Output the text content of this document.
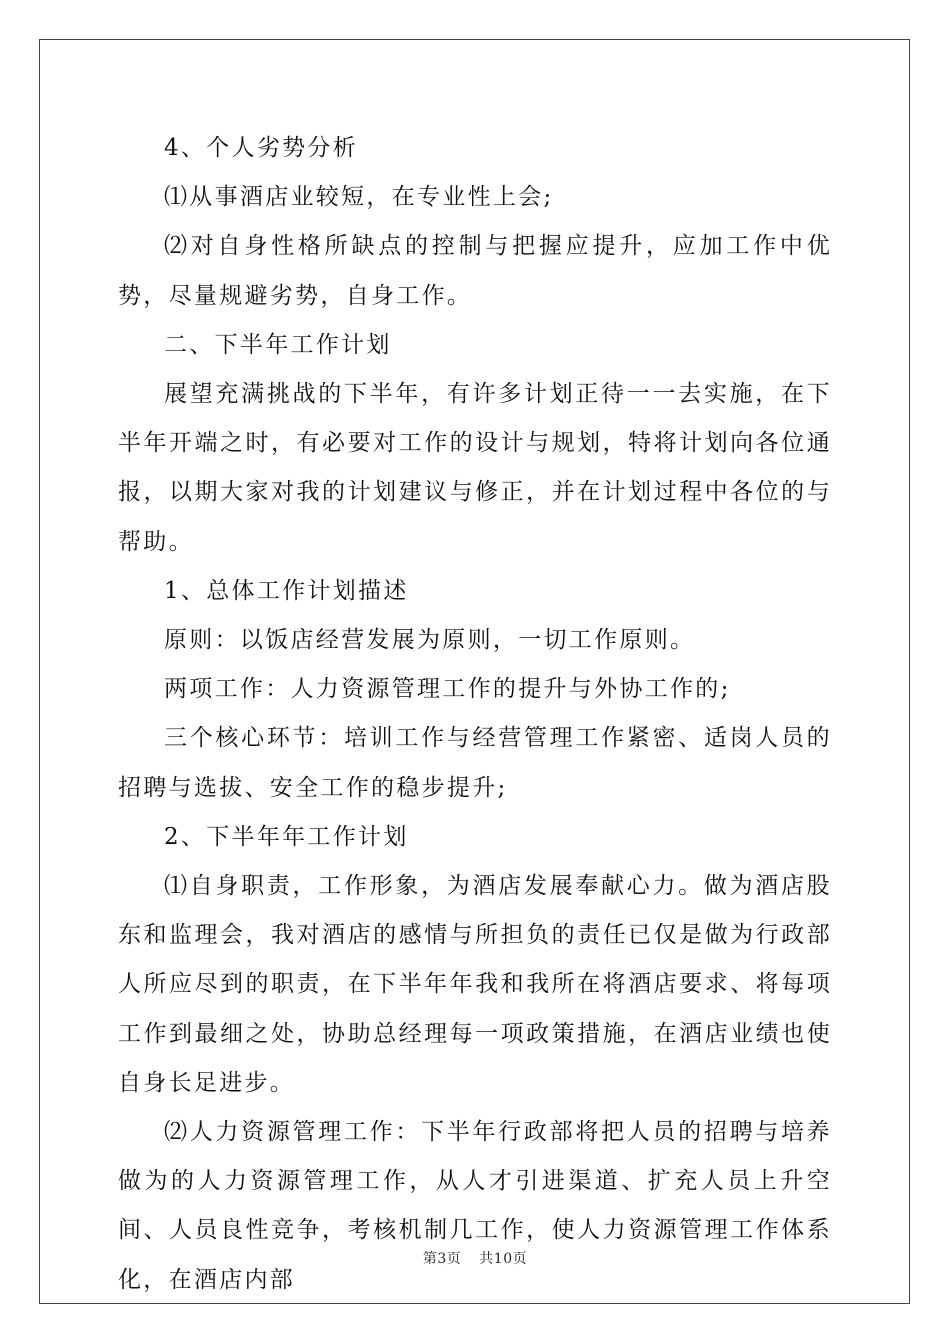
4、个人劣势分析

⑴从事酒店业较短，在专业性上会;

⑵对自身性格所缺点的控制与把握应提升，应加工作中优势，尽量规避劣势，自身工作。

二、下半年工作计划

展望充满挑战的下半年，有许多计划正待一一去实施，在下半年开端之时，有必要对工作的设计与规划，特将计划向各位通报，以期大家对我的计划建议与修正，并在计划过程中各位的与帮助。

1、总体工作计划描述

原则：以饭店经营发展为原则，一切工作原则。

两项工作：人力资源管理工作的提升与外协工作的;

三个核心环节：培训工作与经营管理工作紧密、适岗人员的招聘与选拔、安全工作的稳步提升;

2、下半年年工作计划

⑴自身职责，工作形象，为酒店发展奉献心力。做为酒店股东和监理会，我对酒店的感情与所担负的责任已仅是做为行政部人所应尽到的职责，在下半年年我和我所在将酒店要求、将每项工作到最细之处，协助总经理每一项政策措施，在酒店业绩也使自身长足进步。

⑵人力资源管理工作：下半年行政部将把人员的招聘与培养做为的人力资源管理工作，从人才引进渠道、扩充人员上升空间、人员良性竞争，考核机制几工作，使人力资源管理工作体系化，在酒店内部

第3页 共10页
